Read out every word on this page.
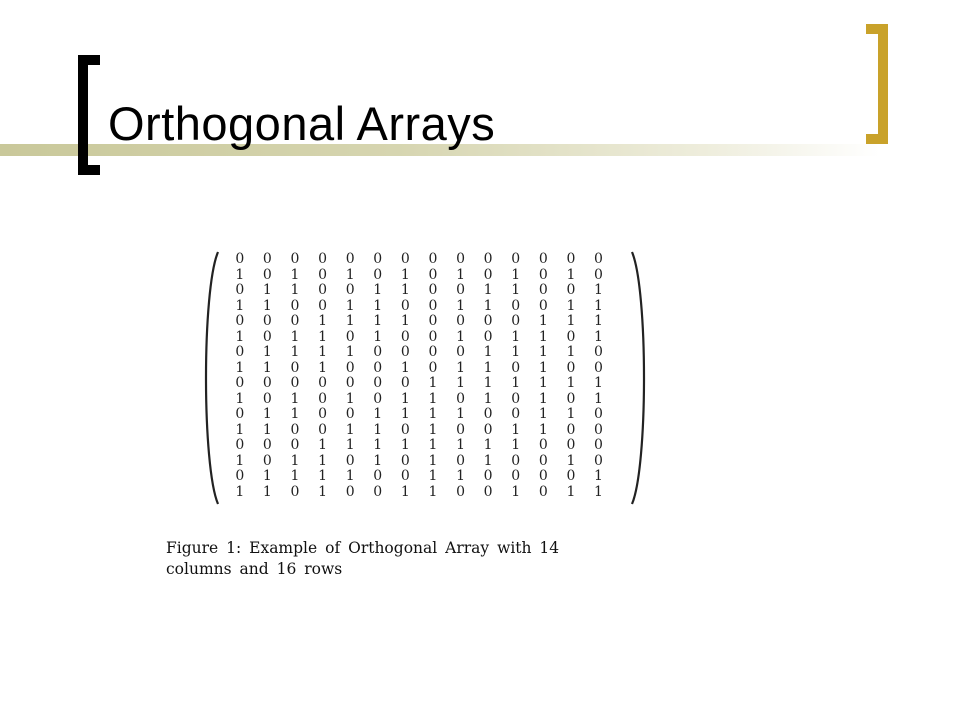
Orthogonal Arrays
0	0	0	0	0	0	0	0	0	0	0	0	0	0
1	0	1	0	1	0	1	0	1	0	1	0	1	0
0	1	1	0	0	1	1	0	0	1	1	0	0	1
1	1	0	0	1	1	0	0	1	1	0	0	1	1
0	0	0	1	1	1	1	0	0	0	0	1	1	1
1	0	1	1	0	1	0	0	1	0	1	1	0	1
0	1	1	1	1	0	0	0	0	1	1	1	1	0
1	1	0	1	0	0	1	0	1	1	0	1	0	0
0	0	0	0	0	0	0	1	1	1	1	1	1	1
1	0	1	0	1	0	1	1	0	1	0	1	0	1
0	1	1	0	0	1	1	1	1	0	0	1	1	0
1	1	0	0	1	1	0	1	0	0	1	1	0	0
0	0	0	1	1	1	1	1	1	1	1	0	0	0
1	0	1	1	0	1	0	1	0	1	0	0	1	0
0	1	1	1	1	0	0	1	1	0	0	0	0	1
1	1	0	1	0	0	1	1	0	0	1	0	1	1
Figure 1: Example of Orthogonal Array with 14
columns and 16 rows
